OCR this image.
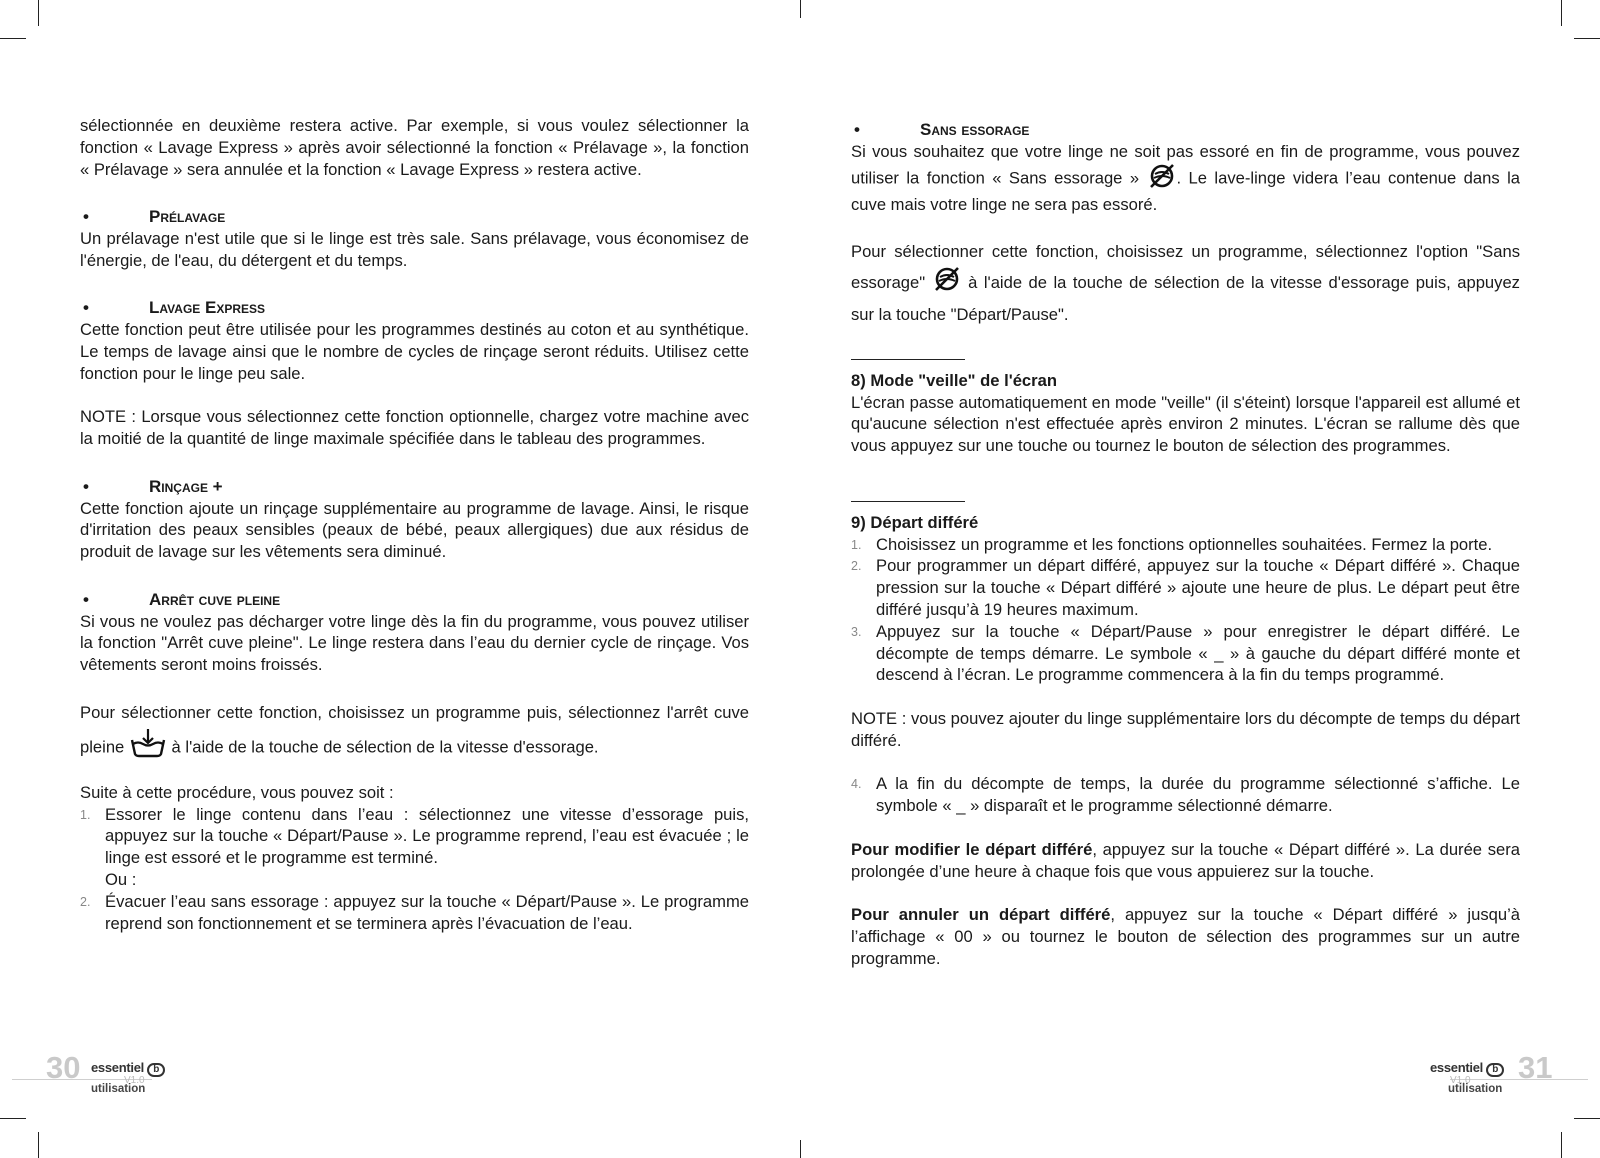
sélectionnée en deuxième restera active. Par exemple, si vous voulez sélectionner la fonction « Lavage Express » après avoir sélectionné la fonction « Prélavage », la fonction « Prélavage » sera annulée et la fonction « Lavage Express » restera active.

•	Prélavage

Un prélavage n'est utile que si le linge est très sale. Sans prélavage, vous économisez de l'énergie, de l'eau, du détergent et du temps.

•	Lavage Express

Cette fonction peut être utilisée pour les programmes destinés au coton et au synthétique. Le temps de lavage ainsi que le nombre de cycles de rinçage seront réduits. Utilisez cette fonction pour le linge peu sale.

NOTE : Lorsque vous sélectionnez cette fonction optionnelle, chargez votre machine avec la moitié de la quantité de linge maximale spécifiée dans le tableau des programmes.

•	Rinçage +

Cette fonction ajoute un rinçage supplémentaire au programme de lavage. Ainsi, le risque d'irritation des peaux sensibles (peaux de bébé, peaux allergiques) due aux résidus de produit de lavage sur les vêtements sera diminué.

•	Arrêt cuve pleine

Si vous ne voulez pas décharger votre linge dès la fin du programme, vous pouvez utiliser la fonction "Arrêt cuve pleine". Le linge restera dans l’eau du dernier cycle de rinçage. Vos vêtements seront moins froissés.

Pour sélectionner cette fonction, choisissez un programme puis, sélectionnez l'arrêt cuve pleine	à l'aide de la touche de sélection de la vitesse d'essorage.

Suite à cette procédure, vous pouvez soit :

1. Essorer le linge contenu dans l’eau : sélectionnez une vitesse d’essorage puis, appuyez sur la touche « Départ/Pause ». Le programme reprend, l’eau est évacuée ; le linge est essoré et le programme est terminé.
Ou :
2. Évacuer l’eau sans essorage : appuyez sur la touche « Départ/Pause ». Le programme reprend son fonctionnement et se terminera après l’évacuation de l’eau.
•	Sans essorage

Si vous souhaitez que votre linge ne soit pas essoré en fin de programme, vous pouvez utiliser la fonction « Sans essorage » . Le lave-linge videra l’eau contenue dans la cuve mais votre linge ne sera pas essoré.

Pour sélectionner cette fonction, choisissez un programme, sélectionnez l'option "Sans essorage"	à l'aide de la touche de sélection de la vitesse d'essorage puis, appuyez sur la touche "Départ/Pause".

8) Mode "veille" de l'écran

L'écran passe automatiquement en mode "veille" (il s'éteint) lorsque l'appareil est allumé et qu'aucune sélection n'est effectuée après environ 2 minutes. L'écran se rallume dès que vous appuyez sur une touche ou tournez le bouton de sélection des programmes.

9) Départ différé

1. Choisissez un programme et les fonctions optionnelles souhaitées. Fermez la porte.
2. Pour programmer un départ différé, appuyez sur la touche « Départ différé ». Chaque pression sur la touche « Départ différé » ajoute une heure de plus. Le départ peut être différé jusqu’à 19 heures maximum.
3. Appuyez sur la touche « Départ/Pause » pour enregistrer le départ différé. Le décompte de temps démarre. Le symbole « _ » à gauche du départ différé monte et descend à l’écran. Le programme commencera à la fin du temps programmé.

NOTE : vous pouvez ajouter du linge supplémentaire lors du décompte de temps du départ différé.

4. A la fin du décompte de temps, la durée du programme sélectionné s’affiche. Le symbole « _ » disparaît et le programme sélectionné démarre.

Pour modifier le départ différé, appuyez sur la touche « Départ différé ». La durée sera prolongée d’une heure à chaque fois que vous appuierez sur la touche.

Pour annuler un départ différé, appuyez sur la touche « Départ différé » jusqu’à l’affichage « 00 » ou tournez le bouton de sélection des programmes sur un autre programme.

30 essentiel b
V1.0
utilisation
essentiel b 31
V1.0
utilisation
